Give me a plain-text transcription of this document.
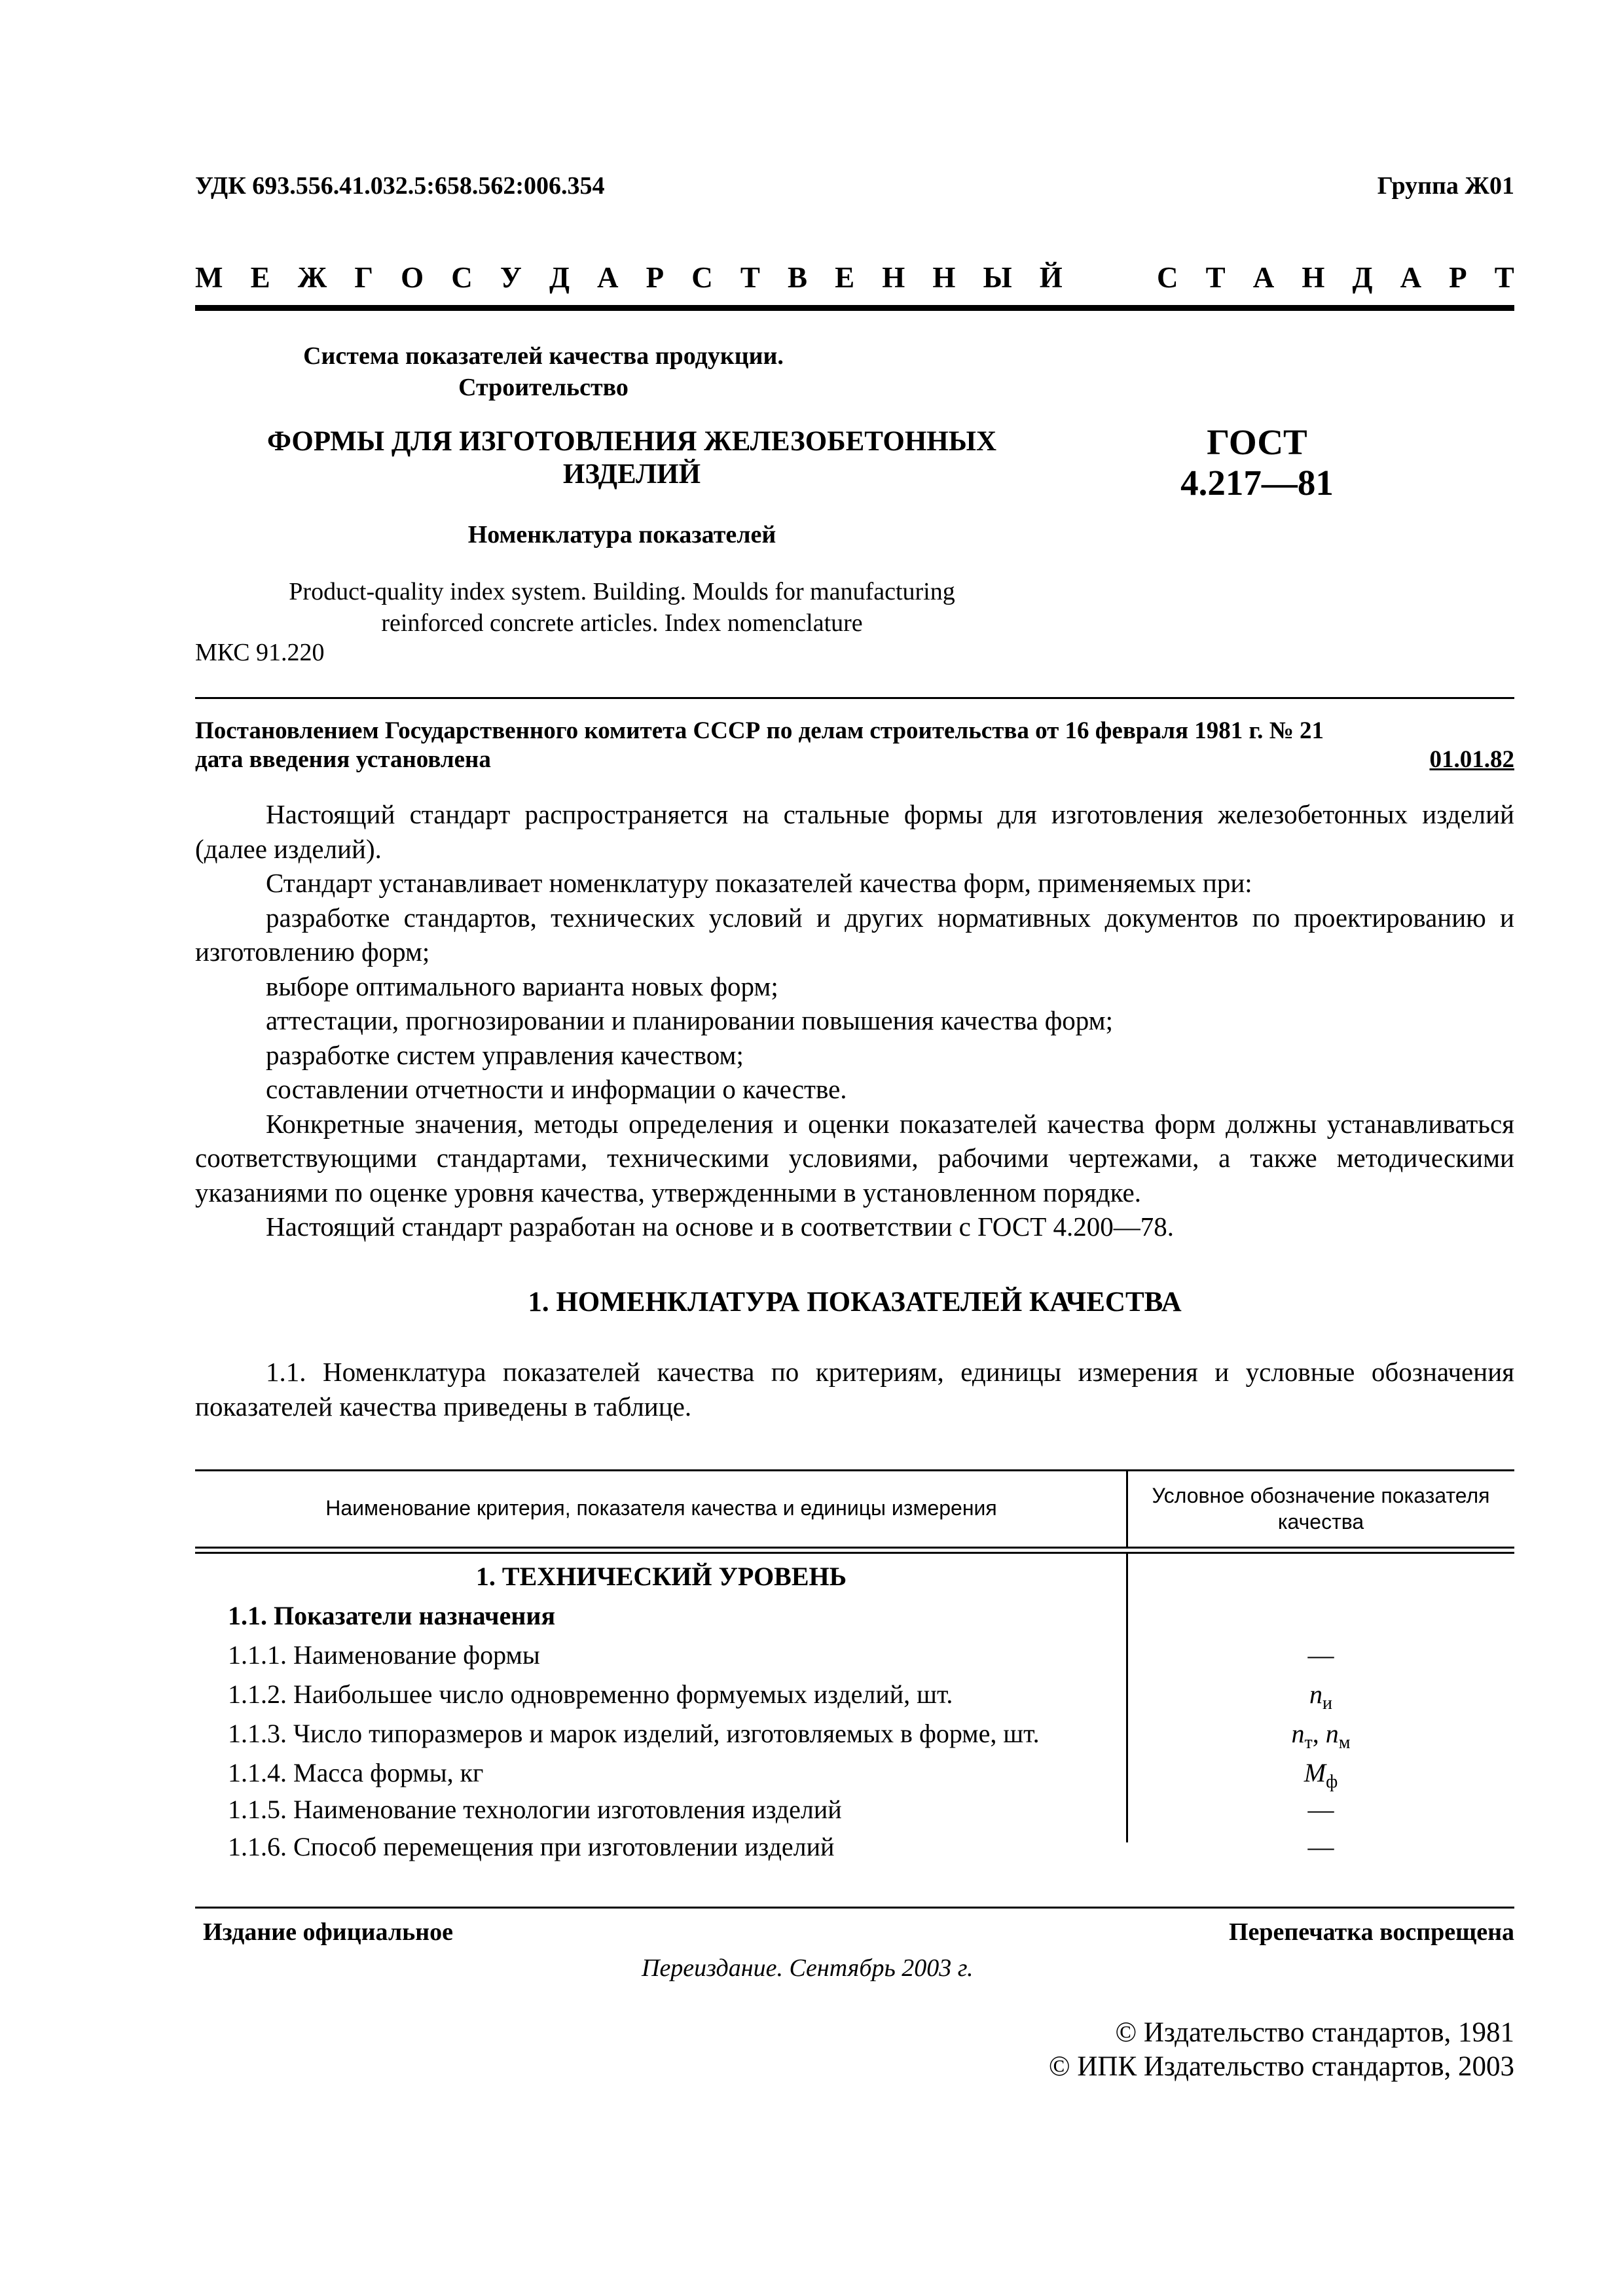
УДК 693.556.41.032.5:658.562:006.354	Группа Ж01
М Е Ж Г О С У Д А Р С Т В Е Н Н Ы Й	С Т А Н Д А Р Т
Система показателей качества продукции.
Строительство
ФОРМЫ ДЛЯ ИЗГОТОВЛЕНИЯ ЖЕЛЕЗОБЕТОННЫХ
ИЗДЕЛИЙ
ГОСТ
4.217—81
Номенклатура показателей
Product-quality index system. Building. Moulds for manufacturing
reinforced concrete articles. Index nomenclature
МКС 91.220
Постановлением Государственного комитета СССР по делам строительства от 16 февраля 1981 г. № 21
дата введения установлена	01.01.82

Настоящий стандарт распространяется на стальные формы для изготовления железобетонных изделий (далее изделий).

Стандарт устанавливает номенклатуру показателей качества форм, применяемых при:

разработке стандартов, технических условий и других нормативных документов по проектированию и изготовлению форм;

выборе оптимального варианта новых форм;

аттестации, прогнозировании и планировании повышения качества форм;

разработке систем управления качеством;

составлении отчетности и информации о качестве.

Конкретные значения, методы определения и оценки показателей качества форм должны устанавливаться соответствующими стандартами, техническими условиями, рабочими чертежами, а также методическими указаниями по оценке уровня качества, утвержденными в установленном порядке.

Настоящий стандарт разработан на основе и в соответствии с ГОСТ 4.200—78.

1. НОМЕНКЛАТУРА ПОКАЗАТЕЛЕЙ КАЧЕСТВА
1.1. Номенклатура показателей качества по критериям, единицы измерения и условные обозначения показателей качества приведены в таблице.
Наименование критерия, показателя качества и единицы измерения
Условное обозначение показателя
качества
1. ТЕХНИЧЕСКИЙ УРОВЕНЬ
1.1. Показатели назначения
1.1.1. Наименование формы	—
1.1.2. Наибольшее число одновременно формуемых изделий, шт.	$n_и$
1.1.3. Число типоразмеров и марок изделий, изготовляемых в форме, шт.	$n_т$, $n_м$
1.1.4. Масса формы, кг	$M_ф$
1.1.5. Наименование технологии изготовления изделий	—
1.1.6. Способ перемещения при изготовлении изделий	—
Издание официальное	Перепечатка воспрещена
Переиздание. Сентябрь 2003 г.
© Издательство стандартов, 1981
© ИПК Издательство стандартов, 2003
